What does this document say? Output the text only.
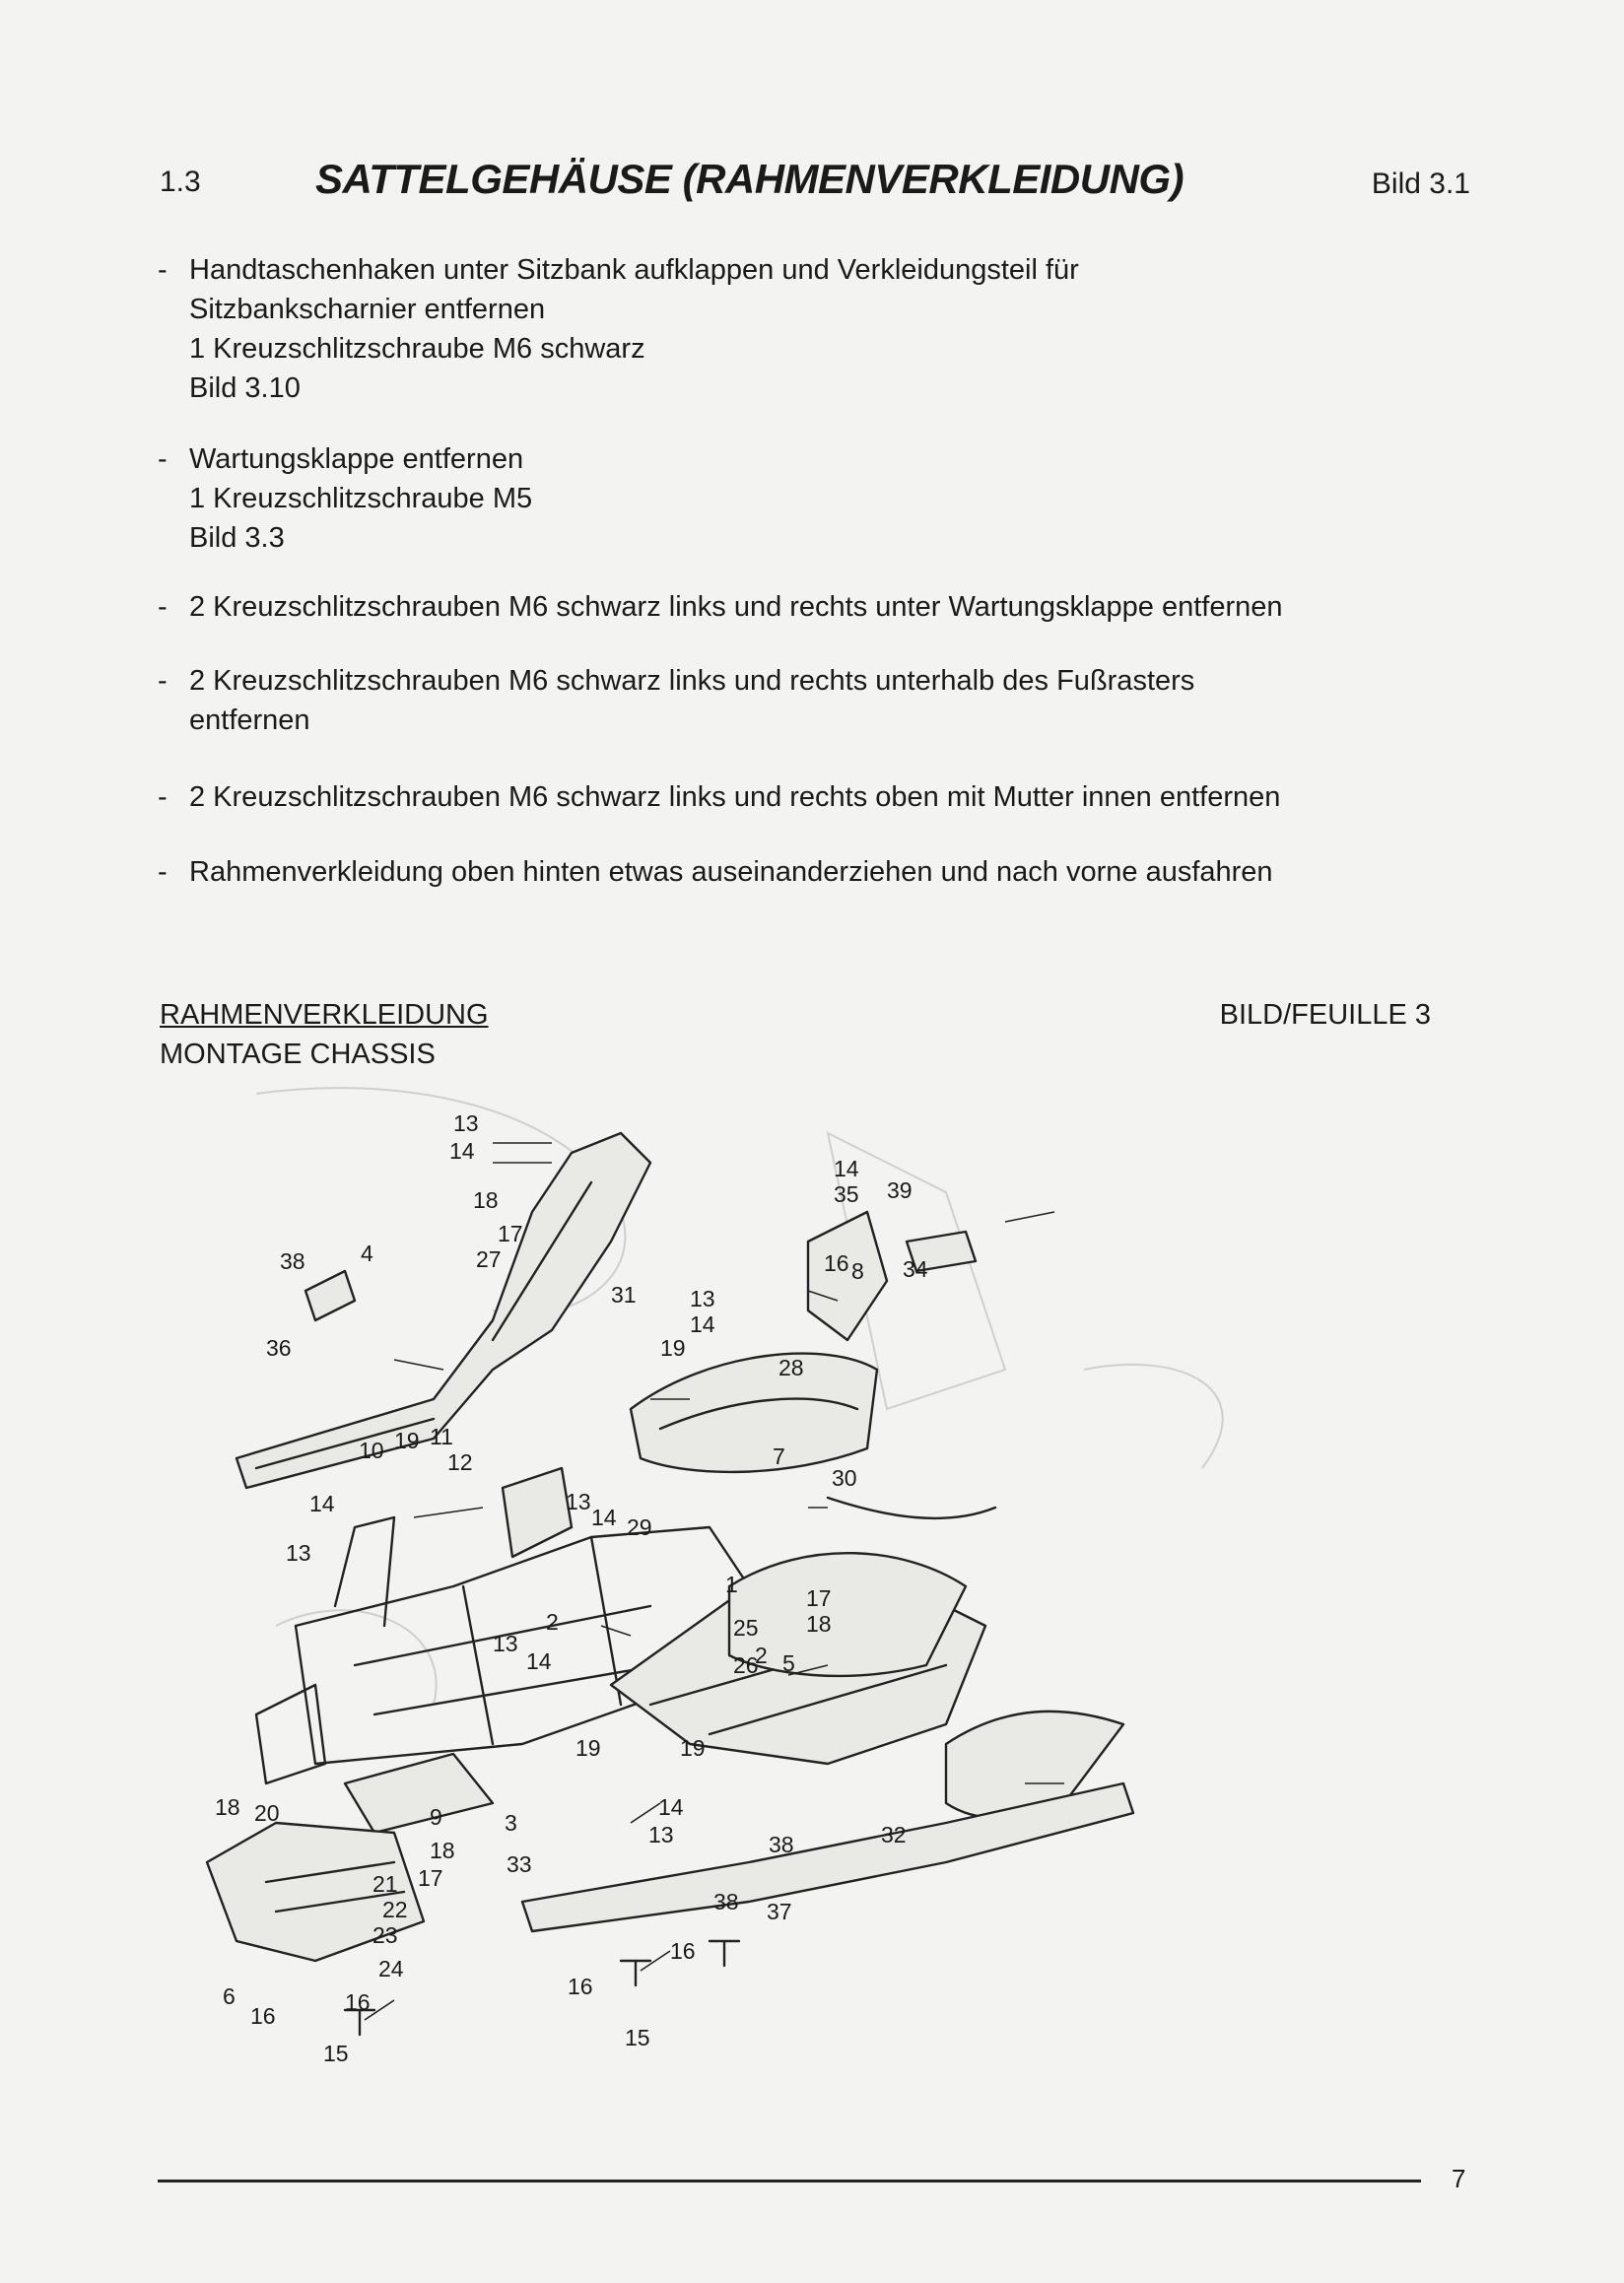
1.3	SATTELGEHÄUSE (RAHMENVERKLEIDUNG)	Bild 3.1
- Handtaschenhaken unter Sitzbank aufklappen und Verkleidungsteil für
Sitzbankscharnier entfernen
1 Kreuzschlitzschraube M6 schwarz
Bild 3.10
- Wartungsklappe entfernen
1 Kreuzschlitzschraube M5
Bild 3.3
- 2 Kreuzschlitzschrauben M6 schwarz links und rechts unter Wartungsklappe entfernen
- 2 Kreuzschlitzschrauben M6 schwarz links und rechts unterhalb des Fußrasters
entfernen
- 2 Kreuzschlitzschrauben M6 schwarz links und rechts oben mit Mutter innen entfernen
- Rahmenverkleidung oben hinten etwas auseinanderziehen und nach vorne ausfahren
RAHMENVERKLEIDUNG
MONTAGE CHASSIS
BILD/FEUILLE 3
13
14
18
17
27
4
38
36
10 19 11
12
14
13
31 13
14
19
28
7
30
13
14 29
2
1
25
26
13
14
17
18
2 5
19	19
14
13
3
33
38
38 37
32
9
18
17
20
18
21
22
23
24
6
16
16
15
16
16
15
16 8 34
39
35
14
7
